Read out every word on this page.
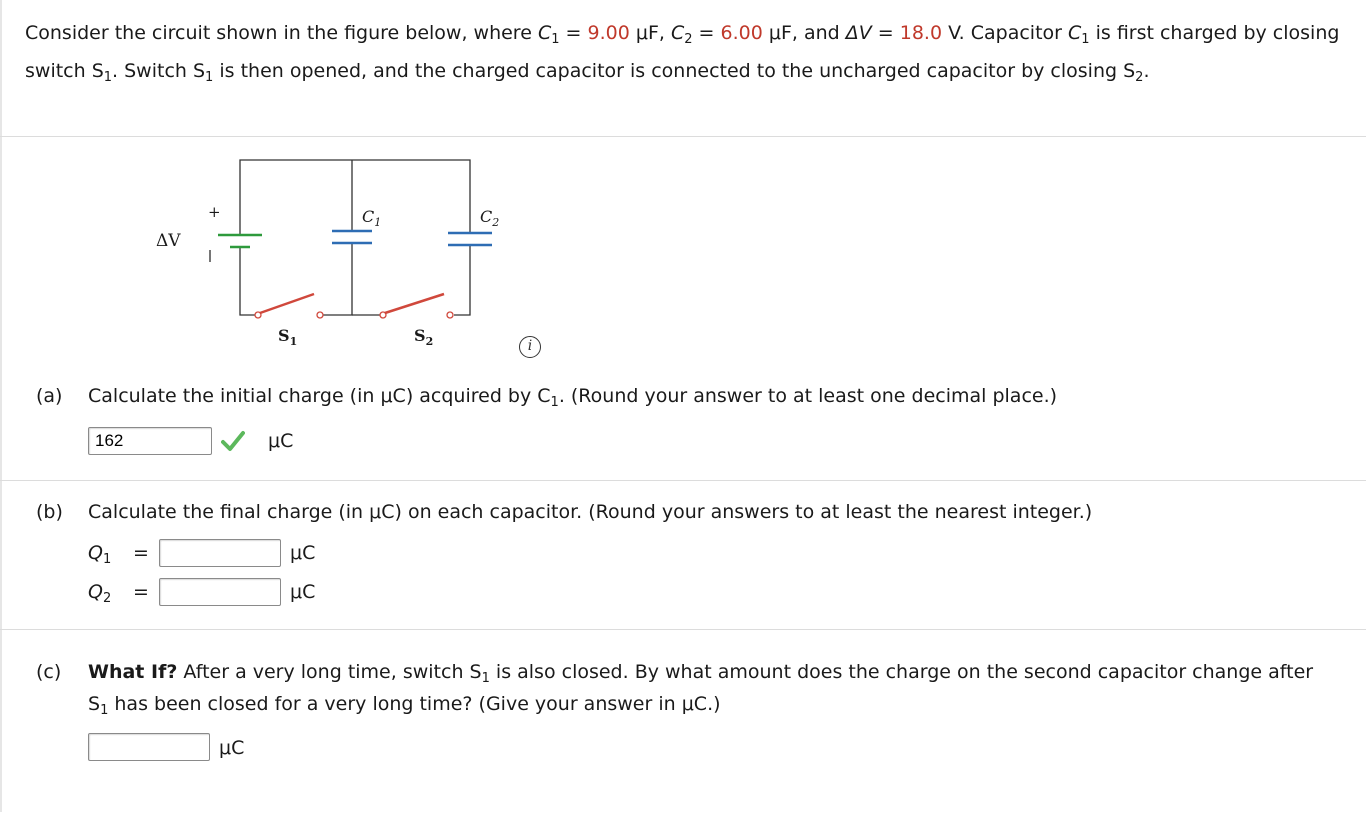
Consider the circuit shown in the figure below, where $C_1 = 9.00$ μF, $C_2 = 6.00$ μF, and ΔV = 18.0 V. Capacitor $C_1$ is first charged by closing switch $S_1$. Switch $S_1$ is then opened, and the charged capacitor is connected to the uncharged capacitor by closing $S_2$.
ΔV
+	$C_1$	$C_2$
$S_1$	$S_2$	i
(a) Calculate the initial charge (in μC) acquired by $C_1$. (Round your answer to at least one decimal place.)
162
μC
(b) Calculate the final charge (in μC) on each capacitor. (Round your answers to at least the nearest integer.)
$Q_1$ =	μC
$Q_2$ =	μC
(c)	What If? After a very long time, switch $S_1$ is also closed. By what amount does the charge on the second capacitor change after $S_1$ has been closed for a very long time? (Give your answer in μC.)
μC
